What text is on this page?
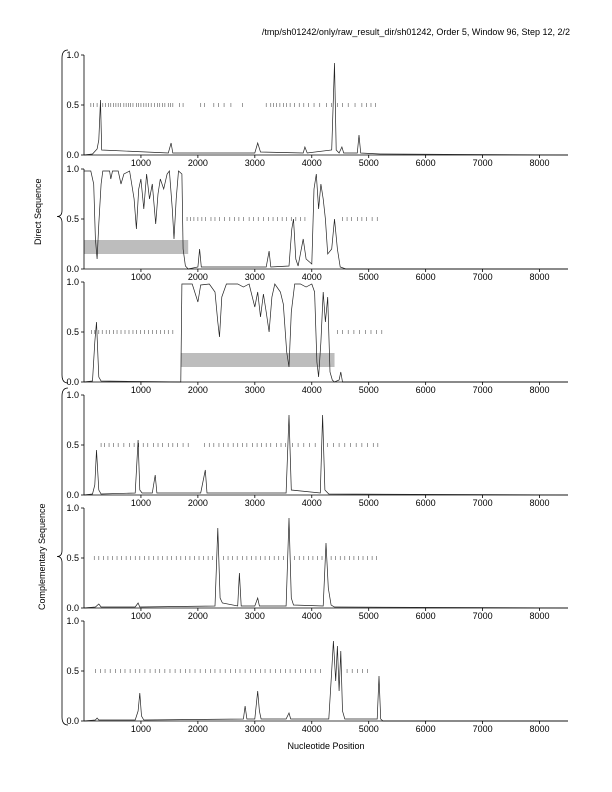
0.0
0.5
1.0
1000	2000	3000	4000	5000	6000	7000	8000
0.0
0.5
1.0
1000	2000	3000	4000	5000	6000	7000	8000
0.0
0.5
1.0
1000	2000	3000	4000	5000	6000	7000	8000
0.0
0.5
1.0
1000	2000	3000	4000	5000	6000	7000	8000
0.0
0.5
1.0
1000	2000	3000	4000	5000	6000	7000	8000
0.0
0.5
1.0
1000	2000	3000	4000	5000	6000	7000	8000
/tmp/sh01242/only/raw_result_dir/sh01242, Order 5, Window 96, Step 12, 2/2
Nucleotide Position
Direct Sequence
Complementary Sequence
